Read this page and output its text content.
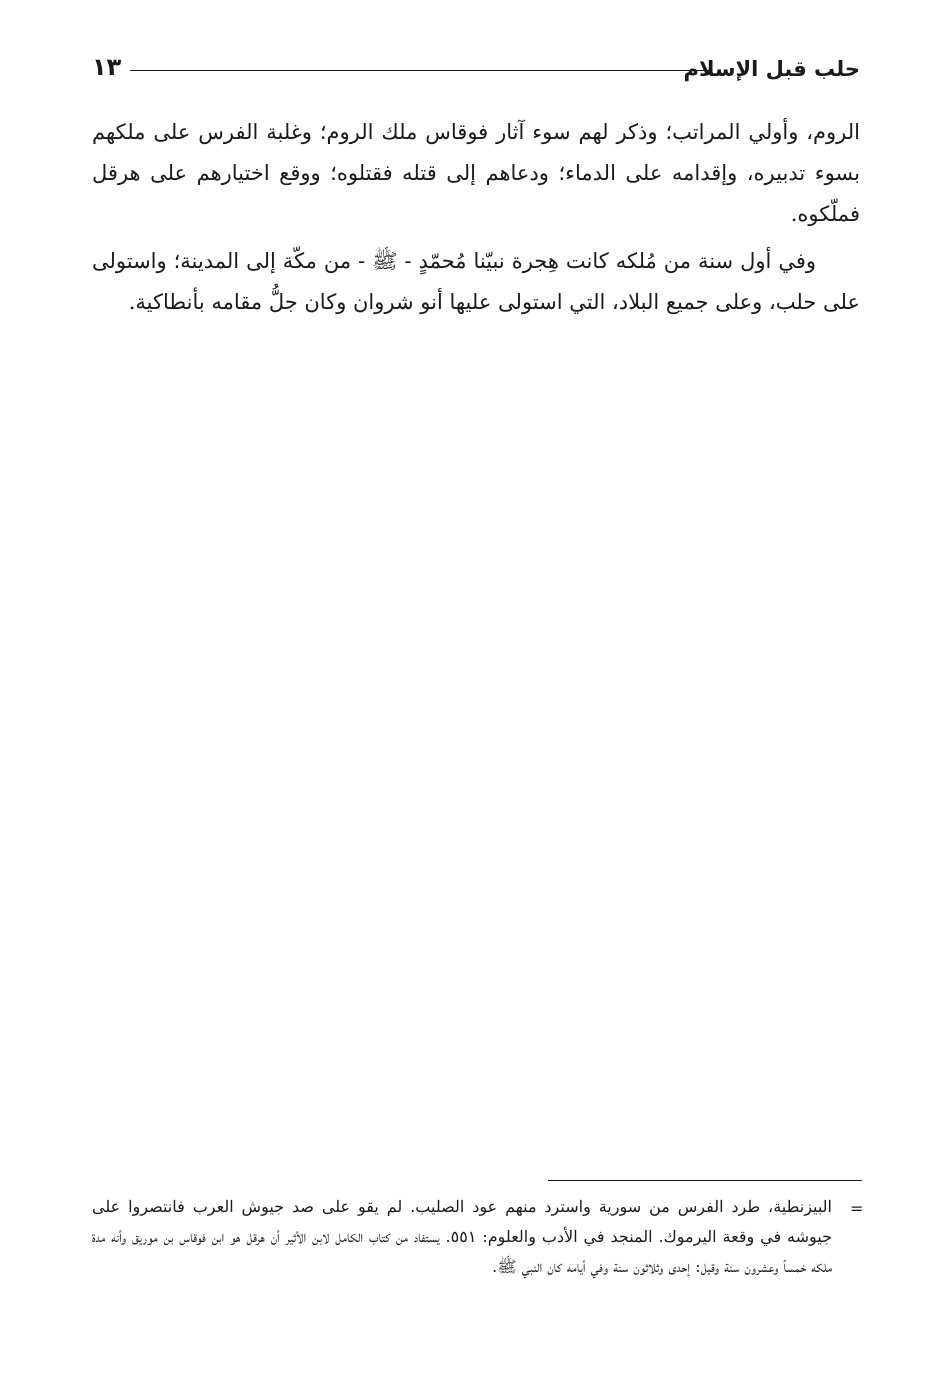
حلب قبل الإسلام
١٣

الروم، وأولي المراتب؛ وذكر لهم سوء آثار فوقاس ملك الروم؛ وغلبة الفرس على ملكهم بسوء تدبيره، وإقدامه على الدماء؛ ودعاهم إلى قتله فقتلوه؛ ووقع اختيارهم على هرقل فملّكوه.

وفي أول سنة من مُلكه كانت هِجرة نبيّنا مُحمّدٍ - ﷺ - من مكّة إلى المدينة؛ واستولى على حلب، وعلى جميع البلاد، التي استولى عليها أنو شروان وكان جلُّ مقامه بأنطاكية.

=
البيزنطية، طرد الفرس من سورية واسترد منهم عود الصليب. لم يقو على صد جيوش العرب فانتصروا على جيوشه في وقعة اليرموك. المنجد في الأدب والعلوم: ٥٥١. يستفاد من كتاب الكامل لابن الأثير أن هرقل هو ابن فوقاس بن موريق وأنه مدة ملكه خمساً وعشرون سنة وقيل: إحدى وثلاثون سنة وفي أيامه كان النبي ﷺ.
